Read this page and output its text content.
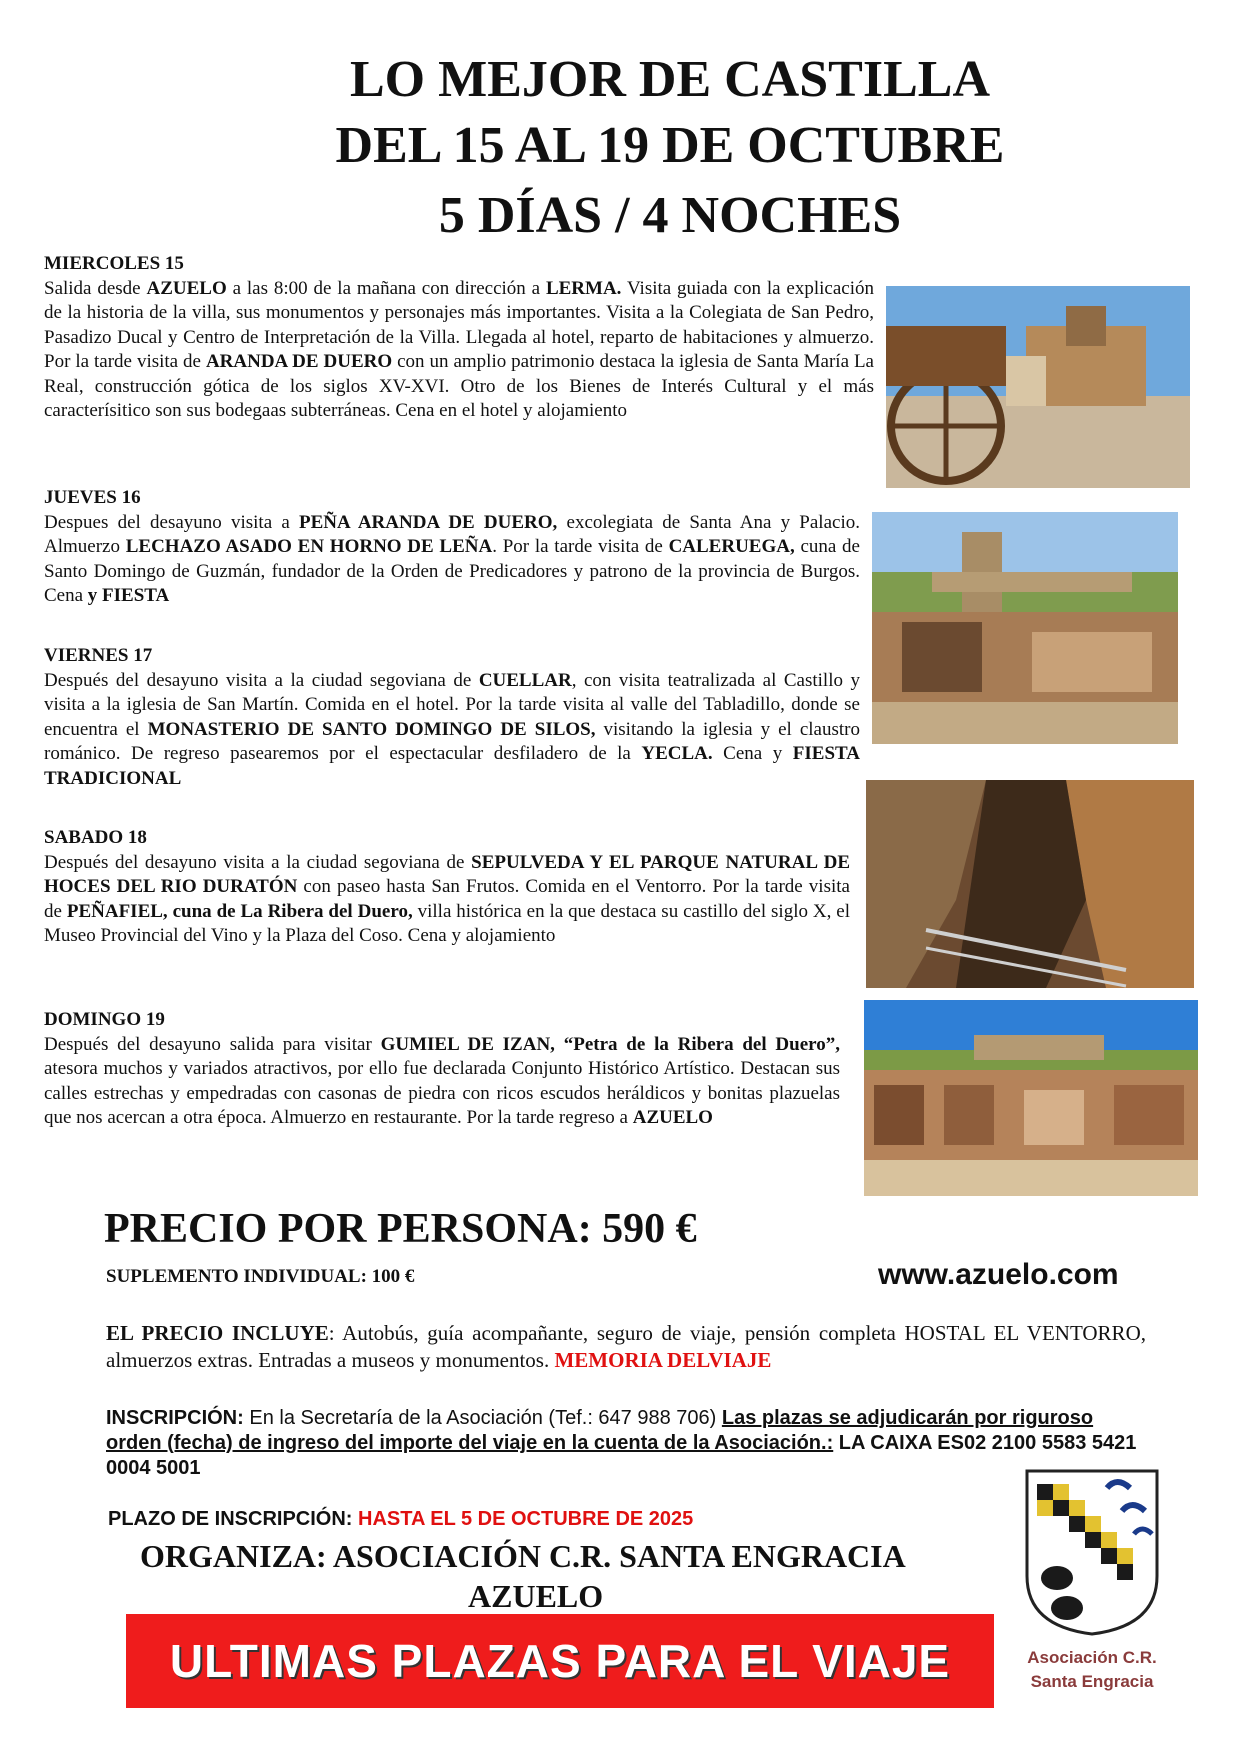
LO MEJOR DE CASTILLA
DEL 15 AL 19 DE OCTUBRE
5 DÍAS / 4 NOCHES
MIERCOLES 15

Salida desde AZUELO a las 8:00 de la mañana con dirección a LERMA. Visita guiada con la explicación de la historia de la villa, sus monumentos y personajes más importantes. Visita a la Colegiata de San Pedro, Pasadizo Ducal y Centro de Interpretación de la Villa. Llegada al hotel, reparto de habitaciones y almuerzo. Por la tarde visita de ARANDA DE DUERO con un amplio patrimonio destaca la iglesia de Santa María La Real, construcción gótica de los siglos XV-XVI. Otro de los Bienes de Interés Cultural y el más caracterísitico son sus bodegaas subterráneas. Cena en el hotel y alojamiento

JUEVES 16

Despues del desayuno visita a PEÑA ARANDA DE DUERO, excolegiata de Santa Ana y Palacio. Almuerzo LECHAZO ASADO EN HORNO DE LEÑA. Por la tarde visita de CALERUEGA, cuna de Santo Domingo de Guzmán, fundador de la Orden de Predicadores y patrono de la provincia de Burgos. Cena y FIESTA

VIERNES 17

Después del desayuno visita a la ciudad segoviana de CUELLAR, con visita teatralizada al Castillo y visita a la iglesia de San Martín. Comida en el hotel. Por la tarde visita al valle del Tabladillo, donde se encuentra el MONASTERIO DE SANTO DOMINGO DE SILOS, visitando la iglesia y el claustro románico. De regreso pasearemos por el espectacular desfiladero de la YECLA. Cena y FIESTA TRADICIONAL

SABADO 18

Después del desayuno visita a la ciudad segoviana de SEPULVEDA Y EL PARQUE NATURAL DE HOCES DEL RIO DURATÓN con paseo hasta San Frutos. Comida en el Ventorro. Por la tarde visita de PEÑAFIEL, cuna de La Ribera del Duero, villa histórica en la que destaca su castillo del siglo X, el Museo Provincial del Vino y la Plaza del Coso. Cena y alojamiento

DOMINGO 19

Después del desayuno salida para visitar GUMIEL DE IZAN, “Petra de la Ribera del Duero”, atesora muchos y variados atractivos, por ello fue declarada Conjunto Histórico Artístico. Destacan sus calles estrechas y empedradas con casonas de piedra con ricos escudos heráldicos y bonitas plazuelas que nos acercan a otra época. Almuerzo en restaurante. Por la tarde regreso a AZUELO

PRECIO POR PERSONA: 590 €
SUPLEMENTO INDIVIDUAL: 100 €	www.azuelo.com
EL PRECIO INCLUYE: Autobús, guía acompañante, seguro de viaje, pensión completa HOSTAL EL VENTORRO, almuerzos extras. Entradas a museos y monumentos. MEMORIA DELVIAJE
INSCRIPCIÓN: En la Secretaría de la Asociación (Tef.: 647 988 706) Las plazas se adjudicarán por riguroso orden (fecha) de ingreso del importe del viaje en la cuenta de la Asociación.: LA CAIXA ES02 2100 5583 5421 0004 5001
PLAZO DE INSCRIPCIÓN: HASTA EL 5 DE OCTUBRE DE 2025
ORGANIZA: ASOCIACIÓN C.R. SANTA ENGRACIA
AZUELO
ULTIMAS PLAZAS PARA EL VIAJE	Asociación C.R.
Santa Engracia
